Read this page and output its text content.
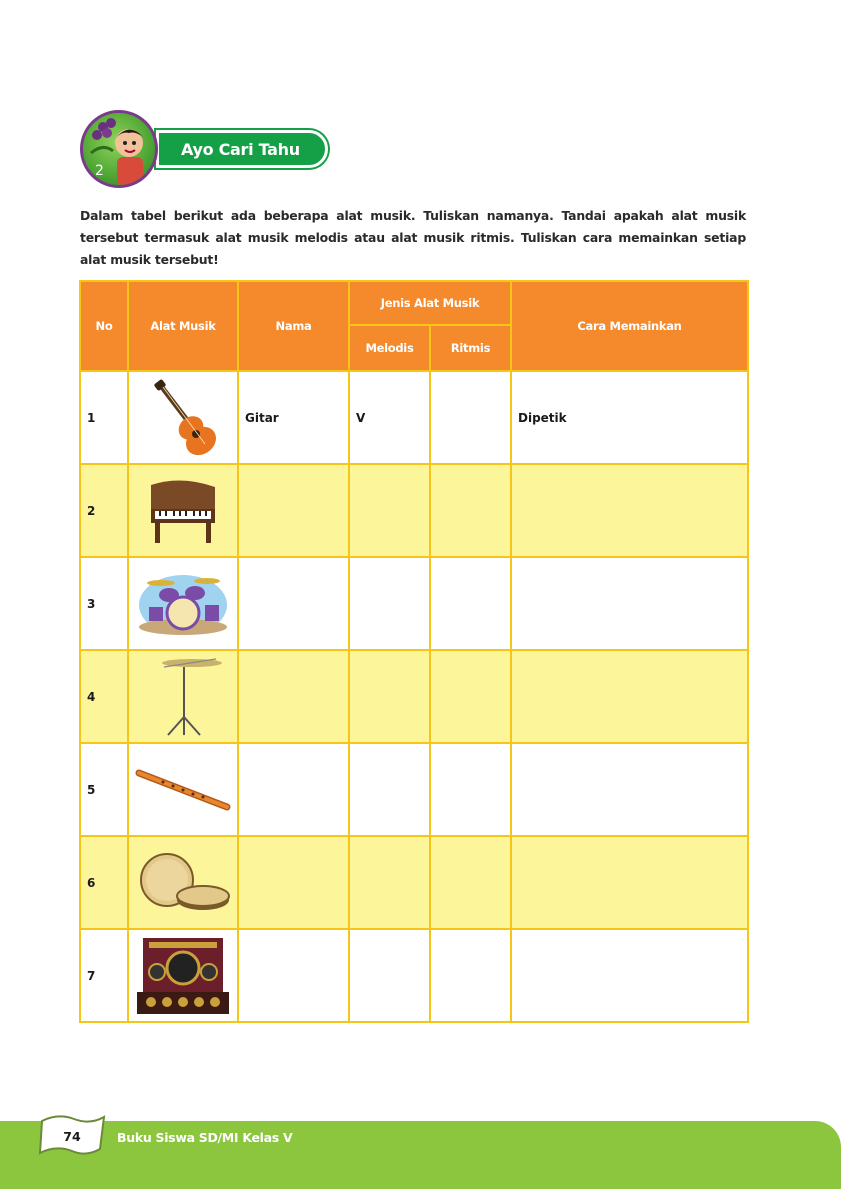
Ayo Cari Tahu
2
Dalam tabel berikut ada beberapa alat musik. Tuliskan namanya. Tandai apakah alat musik tersebut termasuk alat musik melodis atau alat musik ritmis. Tuliskan cara memainkan setiap alat musik tersebut!
No	Alat Musik	Nama	Jenis Alat Musik		Cara Memainkan
			Melodis	Ritmis	
1		Gitar	V		Dipetik
2	

3	

4	

5	

6	

7	

74	Buku Siswa SD/MI Kelas V
